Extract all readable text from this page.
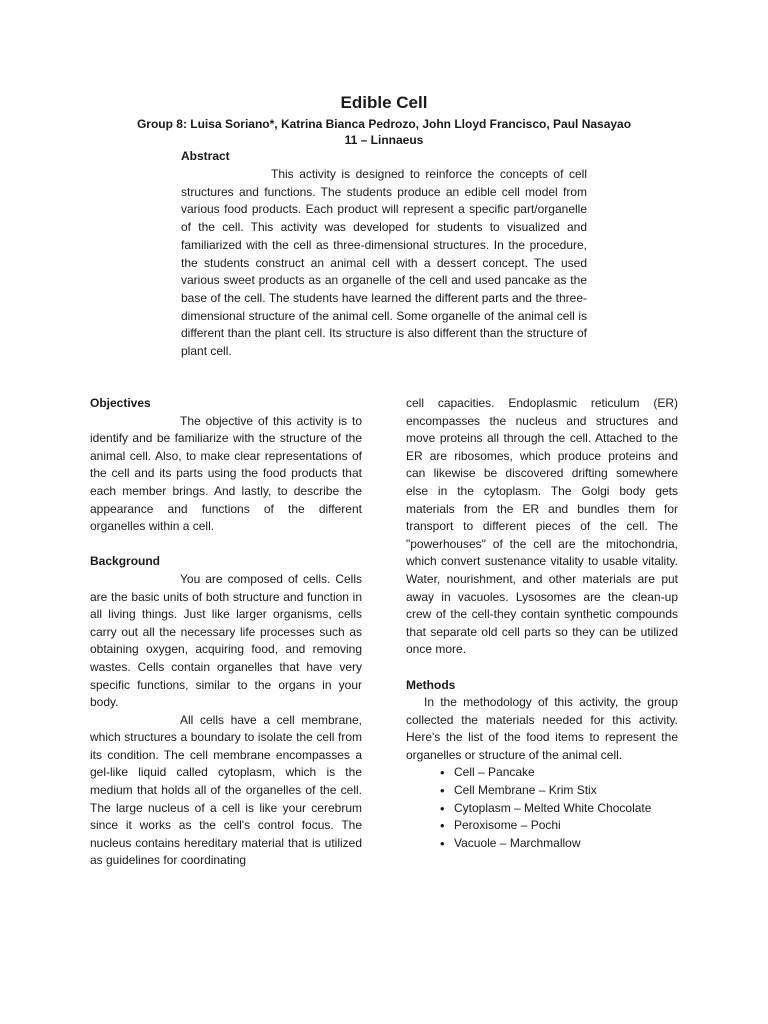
Edible Cell
Group 8: Luisa Soriano*, Katrina Bianca Pedrozo, John Lloyd Francisco, Paul Nasayao
11 – Linnaeus
Abstract

This activity is designed to reinforce the concepts of cell structures and functions. The students produce an edible cell model from various food products. Each product will represent a specific part/organelle of the cell. This activity was developed for students to visualized and familiarized with the cell as three-dimensional structures. In the procedure, the students construct an animal cell with a dessert concept. The used various sweet products as an organelle of the cell and used pancake as the base of the cell. The students have learned the different parts and the three-dimensional structure of the animal cell. Some organelle of the animal cell is different than the plant cell. Its structure is also different than the structure of plant cell.

Objectives

The objective of this activity is to identify and be familiarize with the structure of the animal cell. Also, to make clear representations of the cell and its parts using the food products that each member brings. And lastly, to describe the appearance and functions of the different organelles within a cell.

Background

You are composed of cells. Cells are the basic units of both structure and function in all living things. Just like larger organisms, cells carry out all the necessary life processes such as obtaining oxygen, acquiring food, and removing wastes. Cells contain organelles that have very specific functions, similar to the organs in your body.

All cells have a cell membrane, which structures a boundary to isolate the cell from its condition. The cell membrane encompasses a gel-like liquid called cytoplasm, which is the medium that holds all of the organelles of the cell. The large nucleus of a cell is like your cerebrum since it works as the cell's control focus. The nucleus contains hereditary material that is utilized as guidelines for coordinating

cell capacities. Endoplasmic reticulum (ER) encompasses the nucleus and structures and move proteins all through the cell. Attached to the ER are ribosomes, which produce proteins and can likewise be discovered drifting somewhere else in the cytoplasm. The Golgi body gets materials from the ER and bundles them for transport to different pieces of the cell. The "powerhouses" of the cell are the mitochondria, which convert sustenance vitality to usable vitality. Water, nourishment, and other materials are put away in vacuoles. Lysosomes are the clean-up crew of the cell-they contain synthetic compounds that separate old cell parts so they can be utilized once more.

Methods

In the methodology of this activity, the group collected the materials needed for this activity. Here's the list of the food items to represent the organelles or structure of the animal cell.

• Cell – Pancake
• Cell Membrane – Krim Stix
• Cytoplasm – Melted White Chocolate
• Peroxisome – Pochi
• Vacuole – Marchmallow
